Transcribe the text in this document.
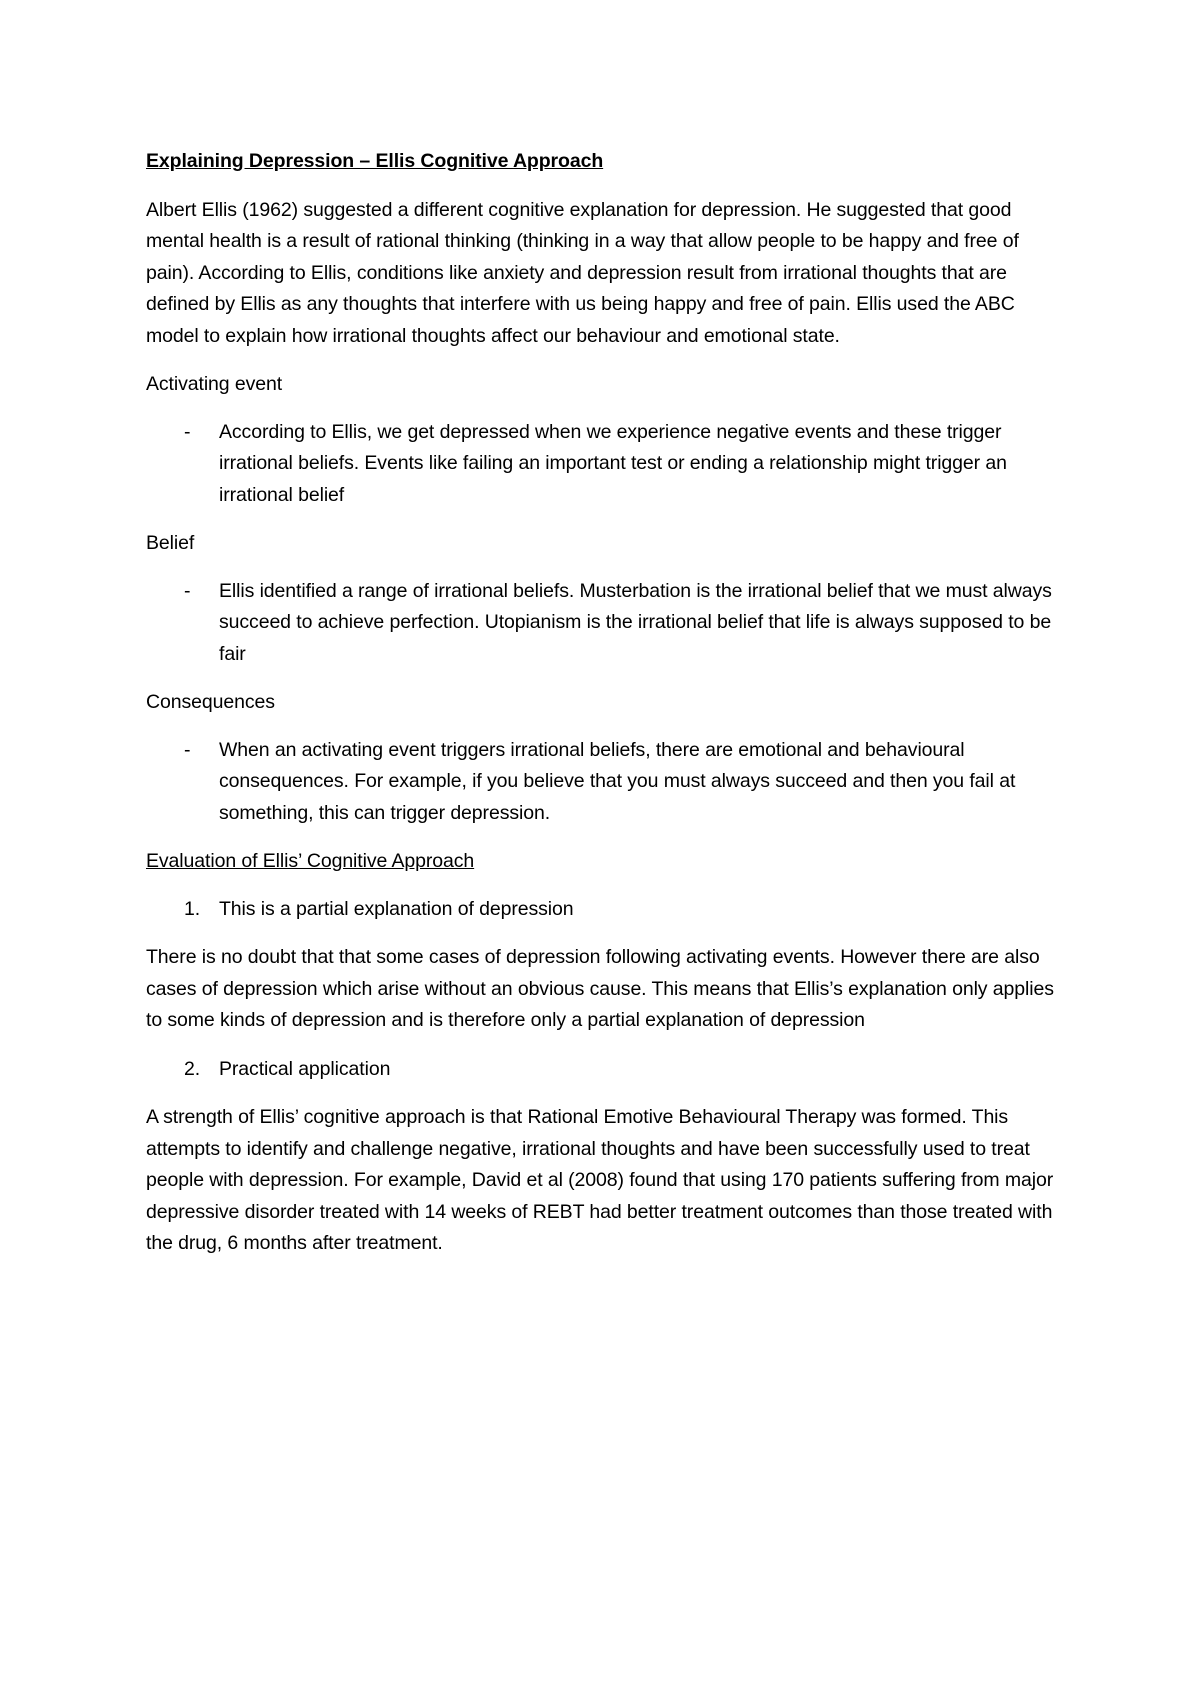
Explaining Depression – Ellis Cognitive Approach

Albert Ellis (1962) suggested a different cognitive explanation for depression. He suggested that good mental health is a result of rational thinking (thinking in a way that allow people to be happy and free of pain). According to Ellis, conditions like anxiety and depression result from irrational thoughts that are defined by Ellis as any thoughts that interfere with us being happy and free of pain. Ellis used the ABC model to explain how irrational thoughts affect our behaviour and emotional state.

Activating event

- According to Ellis, we get depressed when we experience negative events and these trigger irrational beliefs. Events like failing an important test or ending a relationship might trigger an irrational belief

Belief

- Ellis identified a range of irrational beliefs. Musterbation is the irrational belief that we must always succeed to achieve perfection. Utopianism is the irrational belief that life is always supposed to be fair

Consequences

- When an activating event triggers irrational beliefs, there are emotional and behavioural consequences. For example, if you believe that you must always succeed and then you fail at something, this can trigger depression.

Evaluation of Ellis’ Cognitive Approach

1. This is a partial explanation of depression

There is no doubt that that some cases of depression following activating events. However there are also cases of depression which arise without an obvious cause. This means that Ellis’s explanation only applies to some kinds of depression and is therefore only a partial explanation of depression

2. Practical application

A strength of Ellis’ cognitive approach is that Rational Emotive Behavioural Therapy was formed. This attempts to identify and challenge negative, irrational thoughts and have been successfully used to treat people with depression. For example, David et al (2008) found that using 170 patients suffering from major depressive disorder treated with 14 weeks of REBT had better treatment outcomes than those treated with the drug, 6 months after treatment.
